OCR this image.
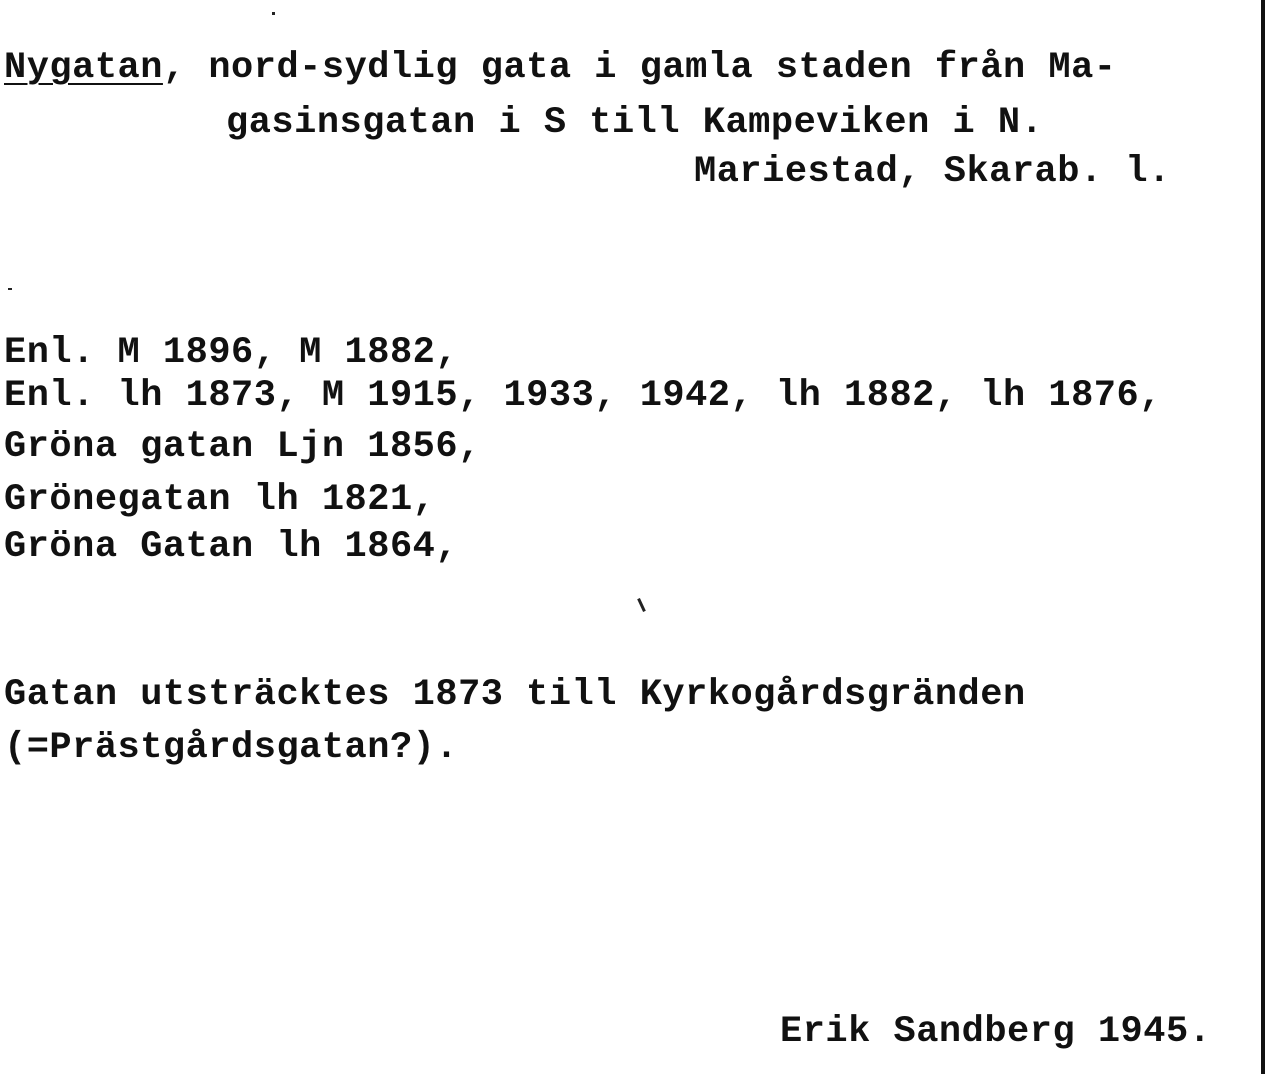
Nygatan, nord-sydlig gata i gamla staden från Ma-
gasinsgatan i S till Kampeviken i N.
Mariestad, Skarab. l.
Enl. M 1896, M 1882,
Enl. lh 1873, M 1915, 1933, 1942, lh 1882, lh 1876,
Gröna gatan Ljn 1856,
Grönegatan lh 1821,
Gröna Gatan lh 1864,
Gatan utsträcktes 1873 till Kyrkogårdsgränden
(=Prästgårdsgatan?).
Erik Sandberg 1945.
